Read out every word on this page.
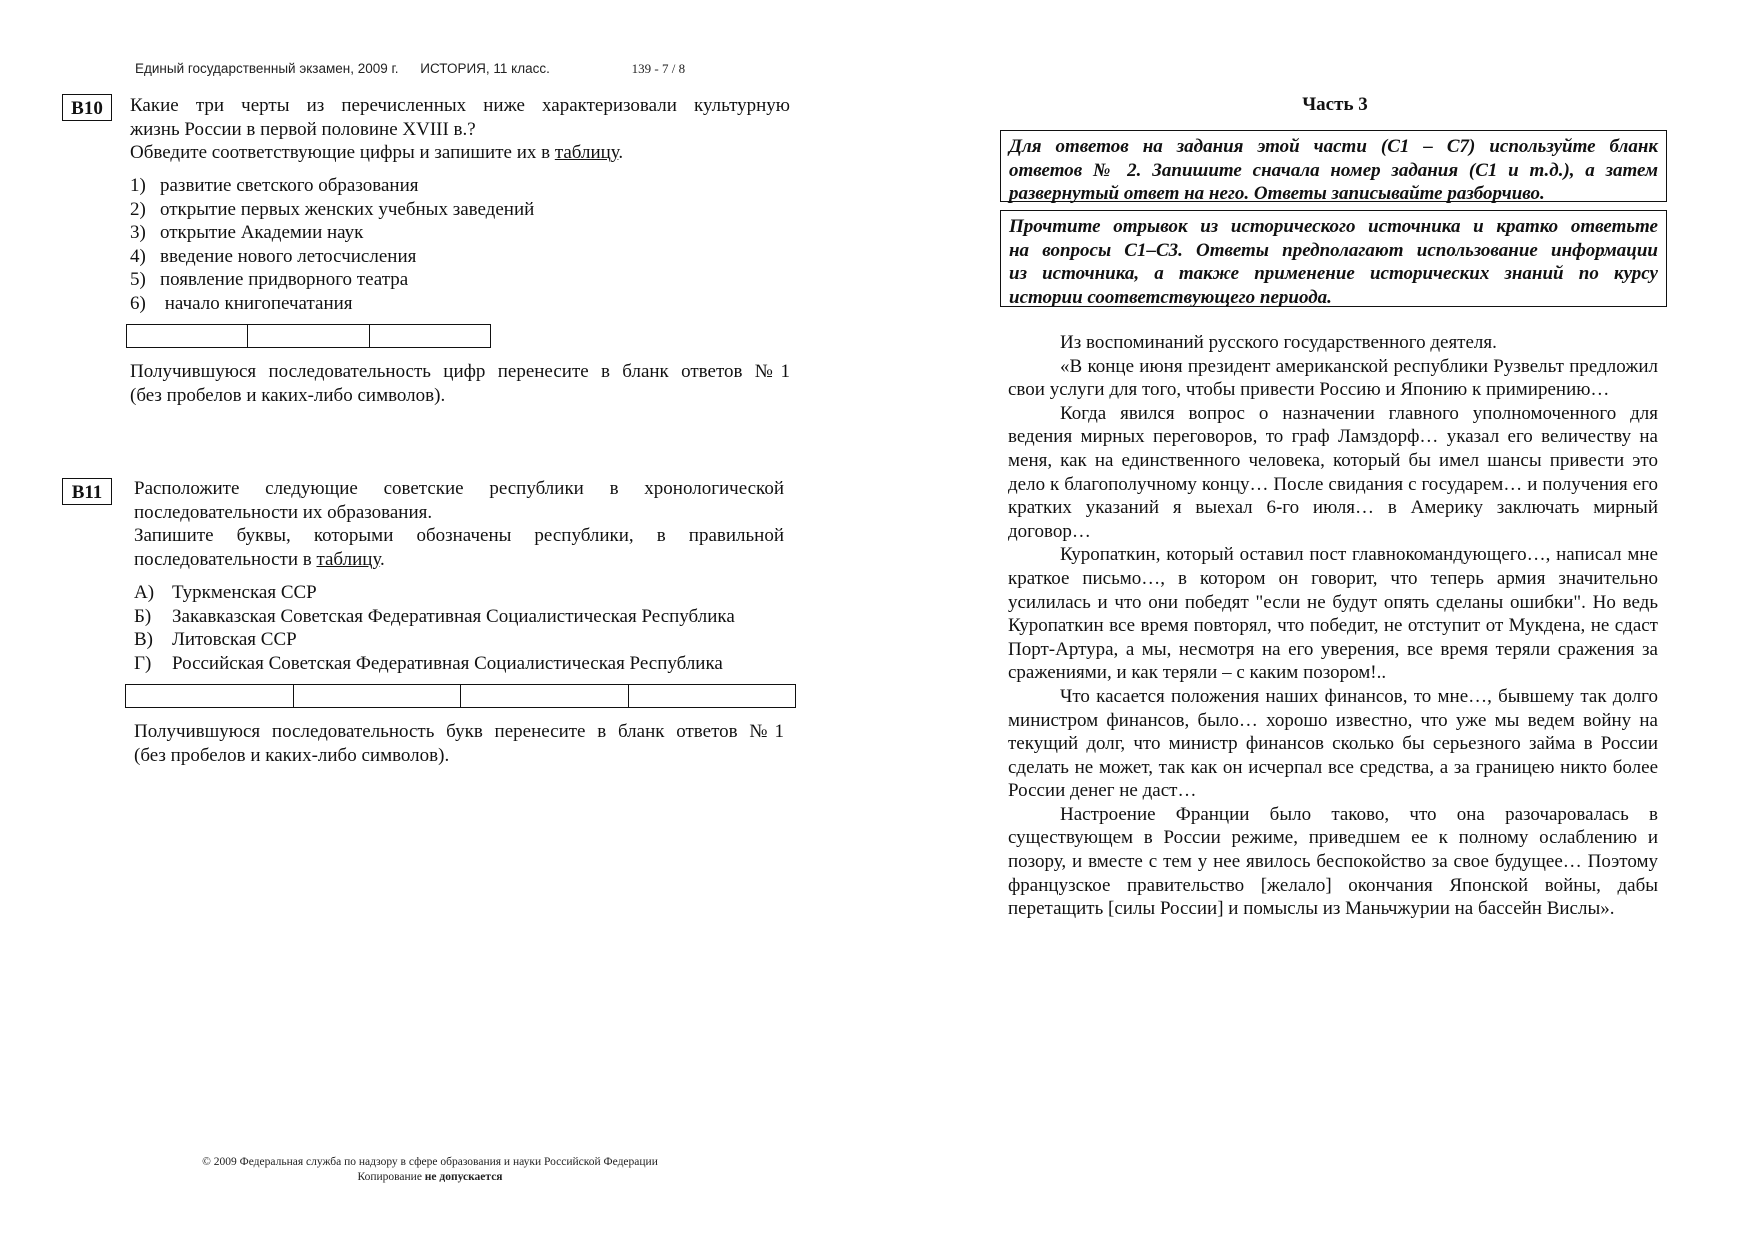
Единый государственный экзамен, 2009 г. ИСТОРИЯ, 11 класс.	139 - 7 / 8
В10	Какие три черты из перечисленных ниже характеризовали культурную
жизнь России в первой половине XVIII в.?
Обведите соответствующие цифры и запишите их в таблицу.
1) развитие светского образования
2) открытие первых женских учебных заведений
3) открытие Академии наук
4) введение нового летосчисления
5) появление придворного театра
6) начало книгопечатания

Получившуюся последовательность цифр перенесите в бланк ответов №1
(без пробелов и каких-либо символов).
В11	Расположите следующие советские республики в хронологической
последовательности их образования.
Запишите буквы, которыми обозначены республики, в правильной
последовательности в таблицу.
А) Туркменская ССР
Б) Закавказская Советская Федеративная Социалистическая Республика
В) Литовская ССР
Г) Российская Советская Федеративная Социалистическая Республика

Получившуюся последовательность букв перенесите в бланк ответов №1
(без пробелов и каких-либо символов).
Часть 3
Для ответов на задания этой части (С1 – С7) используйте бланк
ответов № 2. Запишите сначала номер задания (С1 и т.д.), а затем
развернутый ответ на него. Ответы записывайте разборчиво.
Прочтите отрывок из исторического источника и кратко ответьте
на вопросы С1–С3. Ответы предполагают использование информации
из источника, а также применение исторических знаний по курсу
истории соответствующего периода.

Из воспоминаний русского государственного деятеля.

«В конце июня президент американской республики Рузвельт предложил свои услуги для того, чтобы привести Россию и Японию к примирению…

Когда явился вопрос о назначении главного уполномоченного для ведения мирных переговоров, то граф Ламздорф… указал его величеству на меня, как на единственного человека, который бы имел шансы привести это дело к благополучному концу… После свидания с государем… и получения его кратких указаний я выехал 6-го июля… в Америку заключать мирный договор…

Куропаткин, который оставил пост главнокомандующего…, написал мне краткое письмо…, в котором он говорит, что теперь армия значительно усилилась и что они победят "если не будут опять сделаны ошибки". Но ведь Куропаткин все время повторял, что победит, не отступит от Мукдена, не сдаст Порт-Артура, а мы, несмотря на его уверения, все время теряли сражения за сражениями, и как теряли – с каким позором!..

Что касается положения наших финансов, то мне…, бывшему так долго министром финансов, было… хорошо известно, что уже мы ведем войну на текущий долг, что министр финансов сколько бы серьезного займа в России сделать не может, так как он исчерпал все средства, а за границею никто более России денег не даст…

Настроение Франции было таково, что она разочаровалась в существующем в России режиме, приведшем ее к полному ослаблению и позору, и вместе с тем у нее явилось беспокойство за свое будущее… Поэтому французское правительство [желало] окончания Японской войны, дабы перетащить [силы России] и помыслы из Маньчжурии на бассейн Вислы».

© 2009 Федеральная служба по надзору в сфере образования и науки Российской Федерации
Копирование не допускается
